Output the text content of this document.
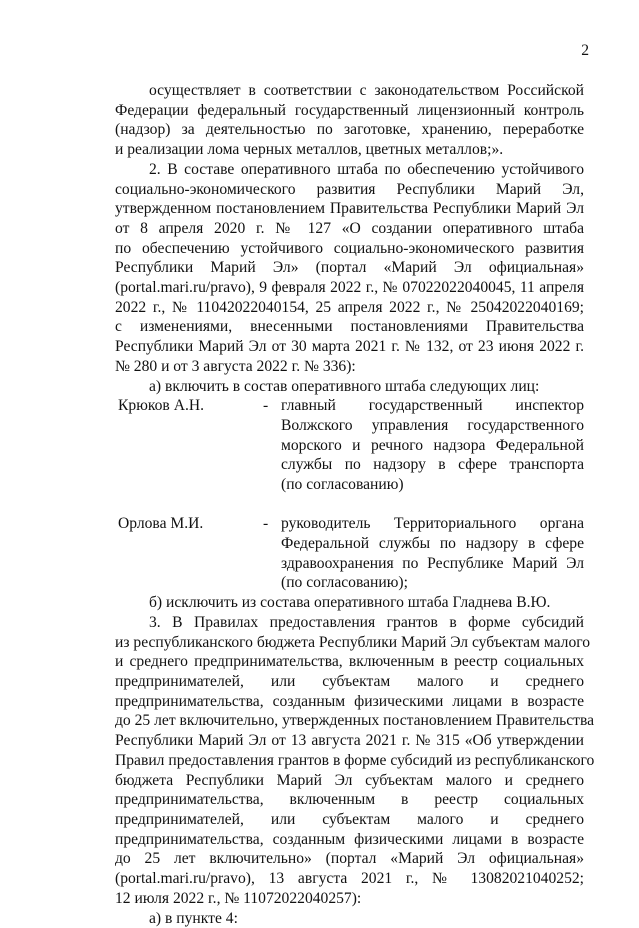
2
осуществляет в соответствии с законодательством Российской
Федерации федеральный государственный лицензионный контроль
(надзор) за деятельностью по заготовке, хранению, переработке
и реализации лома черных металлов, цветных металлов;».
2. В составе оперативного штаба по обеспечению устойчивого
социально-экономического развития Республики Марий Эл,
утвержденном постановлением Правительства Республики Марий Эл
от 8 апреля 2020 г. № 127 «О создании оперативного штаба
по обеспечению устойчивого социально-экономического развития
Республики Марий Эл» (портал «Марий Эл официальная»
(portal.mari.ru/pravo), 9 февраля 2022 г., № 07022022040045, 11 апреля
2022 г., № 11042022040154, 25 апреля 2022 г., № 25042022040169;
с изменениями, внесенными постановлениями Правительства
Республики Марий Эл от 30 марта 2021 г. № 132, от 23 июня 2022 г.
№ 280 и от 3 августа 2022 г. № 336):
а) включить в состав оперативного штаба следующих лиц:
Крюков А.Н.	- главный государственный инспектор
Волжского управления государственного
морского и речного надзора Федеральной
службы по надзору в сфере транспорта
(по согласованию)
Орлова М.И.	- руководитель Территориального органа
Федеральной службы по надзору в сфере
здравоохранения по Республике Марий Эл
(по согласованию);
б) исключить из состава оперативного штаба Гладнева В.Ю.
3. В Правилах предоставления грантов в форме субсидий
из республиканского бюджета Республики Марий Эл субъектам малого
и среднего предпринимательства, включенным в реестр социальных
предпринимателей, или субъектам малого и среднего
предпринимательства, созданным физическими лицами в возрасте
до 25 лет включительно, утвержденных постановлением Правительства
Республики Марий Эл от 13 августа 2021 г. № 315 «Об утверждении
Правил предоставления грантов в форме субсидий из республиканского
бюджета Республики Марий Эл субъектам малого и среднего
предпринимательства, включенным в реестр социальных
предпринимателей, или субъектам малого и среднего
предпринимательства, созданным физическими лицами в возрасте
до 25 лет включительно» (портал «Марий Эл официальная»
(portal.mari.ru/pravo), 13 августа 2021 г., № 13082021040252;
12 июля 2022 г., № 11072022040257):
а) в пункте 4:
